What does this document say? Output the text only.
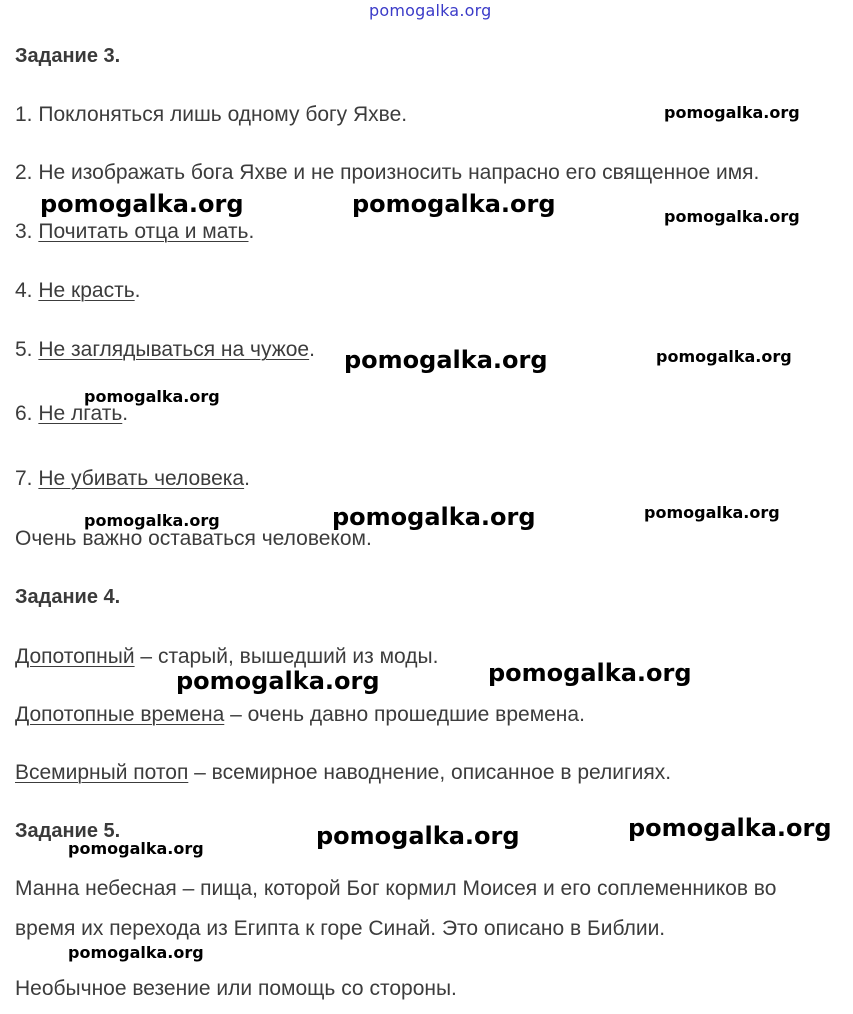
pomogalka.org
Задание 3.
1. Поклоняться лишь одному богу Яхве.
2. Не изображать бога Яхве и не произносить напрасно его священное имя.
3. Почитать отца и мать.
4. Не красть.
5. Не заглядываться на чужое.
6. Не лгать.
7. Не убивать человека.
Очень важно оставаться человеком.
Задание 4.
Допотопный – старый, вышедший из моды.
Допотопные времена – очень давно прошедшие времена.
Всемирный потоп – всемирное наводнение, описанное в религиях.
Задание 5.
Манна небесная – пища, которой Бог кормил Моисея и его соплеменников во
время их перехода из Египта к горе Синай. Это описано в Библии.
Необычное везение или помощь со стороны.
pomogalka.org
pomogalka.org	pomogalka.org	pomogalka.org
pomogalka.org	pomogalka.org
pomogalka.org
pomogalka.org	pomogalka.org	pomogalka.org
pomogalka.org
pomogalka.org
pomogalka.org	pomogalka.org
pomogalka.org
pomogalka.org
